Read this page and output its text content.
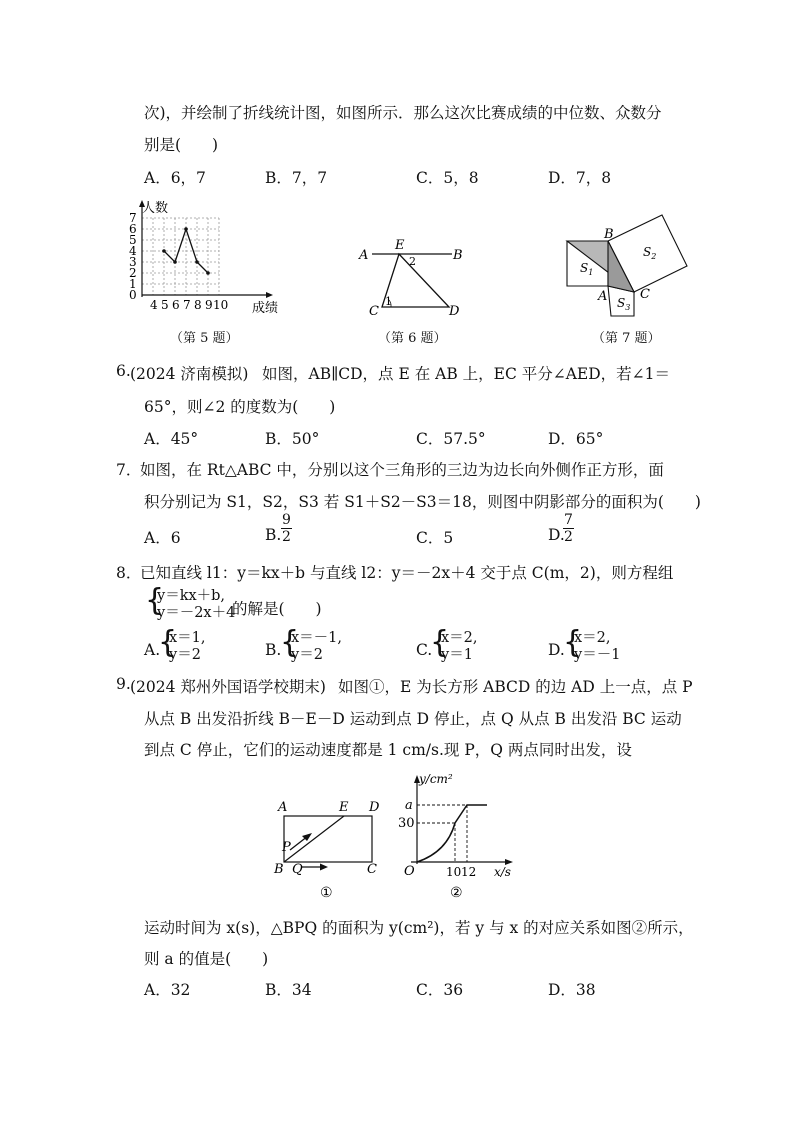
次)，并绘制了折线统计图，如图所示．那么这次比赛成绩的中位数、众数分
别是(　　)
A．6，7	B．7，7	C．5，8	D．7，8
0
1
2
3
4
5
6
7
4 5 6 7 8 9 10
人数
成绩
（第 5 题）
A
E
B
C	D
1
2
（第 6 题）
B
A	C
$S_1$
$S_2$
$S_3$
（第 7 题）
6. (2024 济南模拟) 如图，AB∥CD，点 E 在 AB 上，EC 平分∠AED，若∠1＝
65°，则∠2 的度数为(　　)
A．45°	B．50°	C．57.5°	D．65°
7．
如图，在 Rt△ABC 中，分别以这个三角形的三边为边长向外侧作正方形，面
积分别记为 S1，S2，S3 若 S1＋S2－S3＝18，则图中阴影部分的面积为(　　)
A．6	B. $\frac{9}{2}$	C．5	D.
$\frac{7}{2}$
8．
已知直线 l1：y＝kx＋b 与直线 l2：y＝－2x＋4 交于点 C(m，2)，则方程组
{
y＝kx＋b,
y＝－2x＋4
的解是(　　)
A.
{
x＝1,
y＝2	B.
{
x＝－1,
y＝2	C.
{
x＝2,
y＝1	D.
{
x＝2,
y＝－1
9. (2024 郑州外国语学校期末) 如图①，E 为长方形 ABCD 的边 AD 上一点，点 P
从点 B 出发沿折线 B－E－D 运动到点 D 停止，点 Q 从点 B 出发沿 BC 运动
到点 C 停止，它们的运动速度都是 1 cm/s.现 P，Q 两点同时出发，设
A	E D
P
B Q	C
①
y/cm²
a
30
O	10 12 x/s
②
运动时间为 x(s)，△BPQ 的面积为 y(cm²)，若 y 与 x 的对应关系如图②所示，
则 a 的值是(　　)
A．32	B．34	C．36	D．38
